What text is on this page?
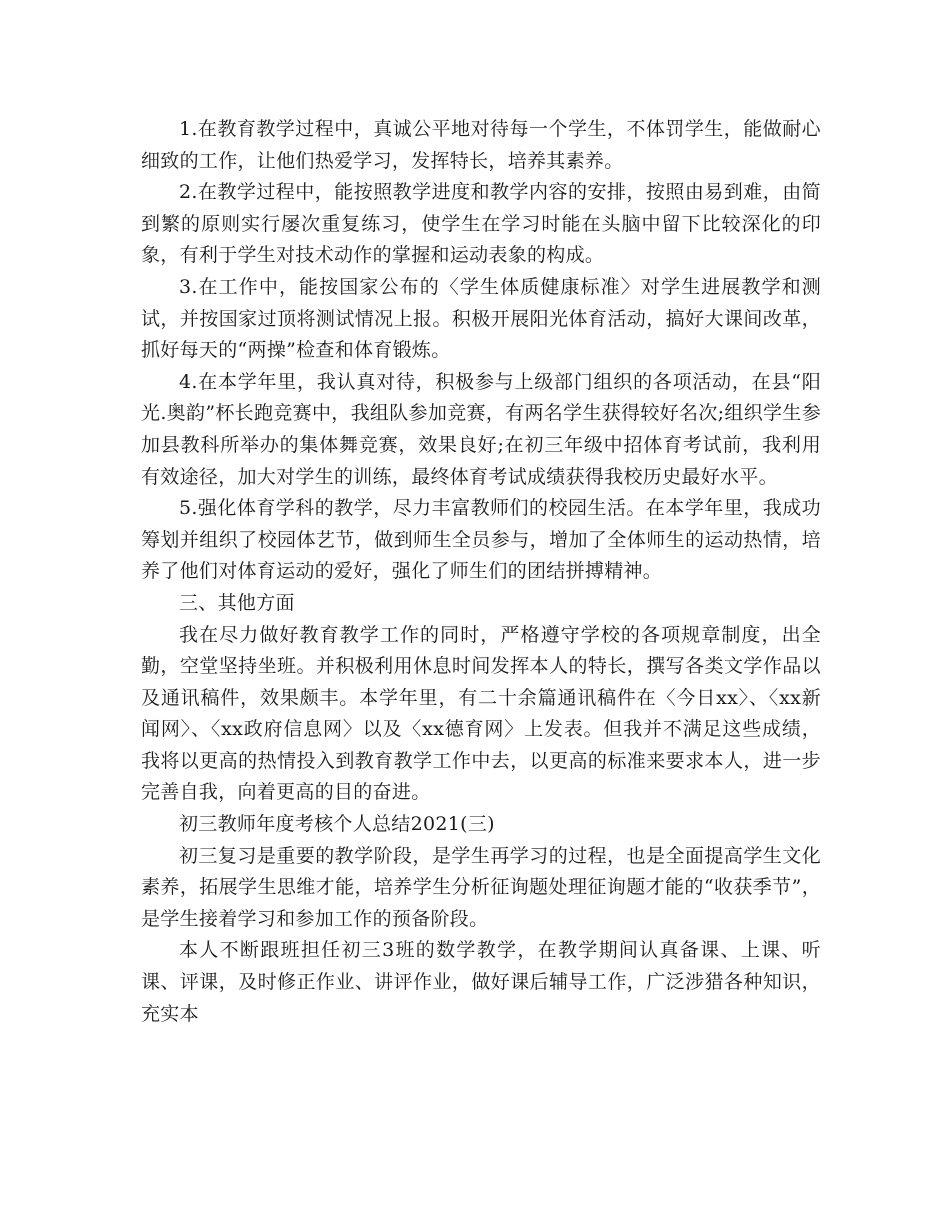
1.在教育教学过程中，真诚公平地对待每一个学生，不体罚学生，能做耐心细致的工作，让他们热爱学习，发挥特长，培养其素养。

2.在教学过程中，能按照教学进度和教学内容的安排，按照由易到难，由简到繁的原则实行屡次重复练习，使学生在学习时能在头脑中留下比较深化的印象，有利于学生对技术动作的掌握和运动表象的构成。

3.在工作中，能按国家公布的〈学生体质健康标准〉对学生进展教学和测试，并按国家过顶将测试情况上报。积极开展阳光体育活动，搞好大课间改革，抓好每天的“两操”检查和体育锻炼。

4.在本学年里，我认真对待，积极参与上级部门组织的各项活动，在县“阳光.奥韵”杯长跑竞赛中，我组队参加竞赛，有两名学生获得较好名次;组织学生参加县教科所举办的集体舞竞赛，效果良好;在初三年级中招体育考试前，我利用有效途径，加大对学生的训练，最终体育考试成绩获得我校历史最好水平。

5.强化体育学科的教学，尽力丰富教师们的校园生活。在本学年里，我成功筹划并组织了校园体艺节，做到师生全员参与，增加了全体师生的运动热情，培养了他们对体育运动的爱好，强化了师生们的团结拼搏精神。

三、其他方面

我在尽力做好教育教学工作的同时，严格遵守学校的各项规章制度，出全勤，空堂坚持坐班。并积极利用休息时间发挥本人的特长，撰写各类文学作品以及通讯稿件，效果颇丰。本学年里，有二十余篇通讯稿件在〈今日xx〉、〈xx新闻网〉、〈xx政府信息网〉以及〈xx德育网〉上发表。但我并不满足这些成绩，我将以更高的热情投入到教育教学工作中去，以更高的标准来要求本人，进一步完善自我，向着更高的目的奋进。

初三教师年度考核个人总结2021(三)

初三复习是重要的教学阶段，是学生再学习的过程，也是全面提高学生文化素养，拓展学生思维才能，培养学生分析征询题处理征询题才能的“收获季节”，是学生接着学习和参加工作的预备阶段。

本人不断跟班担任初三3班的数学教学，在教学期间认真备课、上课、听课、评课，及时修正作业、讲评作业，做好课后辅导工作，广泛涉猎各种知识，充实本
